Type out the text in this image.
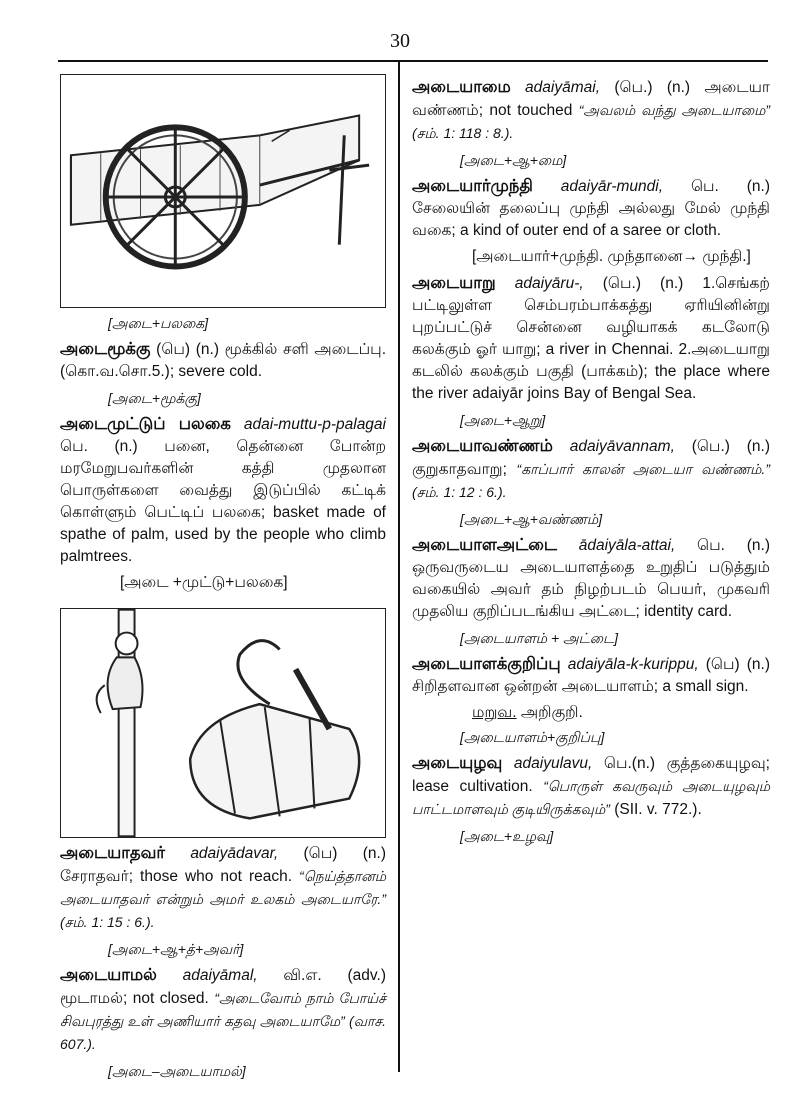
30
[அடை+பலகை]
அடைமூக்கு (பெ) (n.) மூக்கில் சளி அடைப்பு. (கொ.வ.சொ.5.); severe cold.
[அடை+மூக்கு]
அடைமுட்டுப் பலகை adai-muttu-p-palagai பெ. (n.) பனை, தென்னை போன்ற மரமேறுபவர்களின் கத்தி முதலான பொருள்களை வைத்து இடுப்பில் கட்டிக் கொள்ளும் பெட்டிப் பலகை; basket made of spathe of palm, used by the people who climb palmtrees.
[அடை +முட்டு+பலகை]
அடையாதவர் adaiyādavar, (பெ) (n.) சேராதவர்; those who not reach. “நெய்த்தானம் அடையாதவர் என்றும் அமர் உலகம் அடையாரே.” (சம். 1: 15 : 6.).
[அடை+ஆ+த்+அவர்]
அடையாமல் adaiyāmal, வி.எ. (adv.) மூடாமல்; not closed. “அடைவோம் நாம் போய்ச் சிவபுரத்து உள் அணியார் கதவு அடையாமே” (வாச. 607.).
[அடை–அடையாமல்]
அடையாமை adaiyāmai, (பெ.) (n.) அடையா வண்ணம்; not touched “அவலம் வந்து அடையாமை” (சம். 1: 118 : 8.).
[அடை+ஆ+மை]
அடையார்முந்தி adaiyār-mundi, பெ. (n.) சேலையின் தலைப்பு முந்தி அல்லது மேல் முந்தி வகை; a kind of outer end of a saree or cloth.
[அடையார்+முந்தி. முந்தானை→ முந்தி.]
அடையாறு adaiyāru-, (பெ.) (n.) 1.செங்கற் பட்டிலுள்ள செம்பரம்பாக்கத்து ஏரியினின்று புறப்பட்டுச் சென்னை வழியாகக் கடலோடு கலக்கும் ஓர் யாறு; a river in Chennai. 2.அடையாறு கடலில் கலக்கும் பகுதி (பாக்கம்); the place where the river adaiyār joins Bay of Bengal Sea.
[அடை+ஆறு]
அடையாவண்ணம் adaiyāvannam, (பெ.) (n.) குறுகாதவாறு; “காப்பார் காலன் அடையா வண்ணம்.” (சம். 1: 12 : 6.).
[அடை+ஆ+வண்ணம்]
அடையாளஅட்டை ādaiyāla-attai, பெ. (n.) ஒருவருடைய அடையாளத்தை உறுதிப் படுத்தும் வகையில் அவர் தம் நிழற்படம் பெயர், முகவரி முதலிய குறிப்படங்கிய அட்டை; identity card.
[அடையாளம் + அட்டை]
அடையாளக்குறிப்பு adaiyāla-k-kurippu, (பெ) (n.) சிறிதளவான ஒன்றன் அடையாளம்; a small sign.
மறுவ. அறிகுறி.
[அடையாளம்+குறிப்பு]
அடையுழவு adaiyulavu, பெ.(n.) குத்தகையுழவு; lease cultivation. “பொருள் கவருவும் அடையுழவும் பாட்டமாளவும் குடியிருக்கவும்” (SII. v. 772.).
[அடை+உழவு]
